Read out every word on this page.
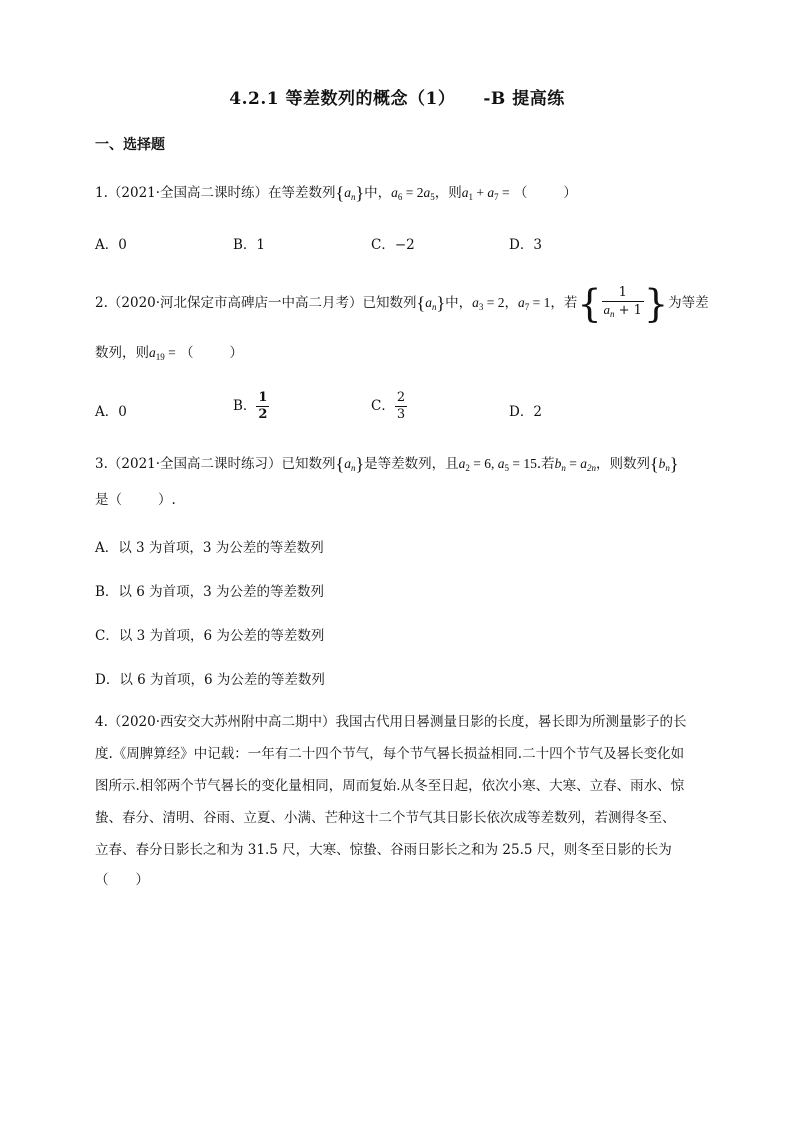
4.2.1 等差数列的概念（1） -B 提高练
一、选择题
1.（2021·全国高二课时练）在等差数列$\{a_n\}$中，$a_6 = 2a_5$，则$a_1 + a_7$ = （	）
A．0	B．1	C．−2	D．3
2.（2020·河北保定市高碑店一中高二月考）已知数列$\{a_n\}$中，$a_3 = 2$，$a_7 = 1$，若{ $\frac{1}{a_n + 1}$ }为等差
数列，则$a_{19}$ = （	）
A．0	B． $\frac{1}{2}$	C． $\frac{2}{3}$	D．2
3.（2021·全国高二课时练习）已知数列$\{a_n\}$是等差数列，且$a_2 = 6$, $a_5 = 15$.若$b_n = a_{2n}$，则数列$\{b_n\}$
是（	）.
A．以 3 为首项，3 为公差的等差数列
B．以 6 为首项，3 为公差的等差数列
C．以 3 为首项，6 为公差的等差数列
D．以 6 为首项，6 为公差的等差数列
4.（2020·西安交大苏州附中高二期中）我国古代用日晷测量日影的长度，晷长即为所测量影子的长
度.《周脾算经》中记载：一年有二十四个节气，每个节气晷长损益相同.二十四个节气及晷长变化如
图所示.相邻两个节气晷长的变化量相同，周而复始.从冬至日起，依次小寒、大寒、立春、雨水、惊
蛰、春分、清明、谷雨、立夏、小满、芒种这十二个节气其日影长依次成等差数列，若测得冬至、
立春、春分日影长之和为 31.5 尺，大寒、惊蛰、谷雨日影长之和为 25.5 尺，则冬至日影的长为
（　　）
